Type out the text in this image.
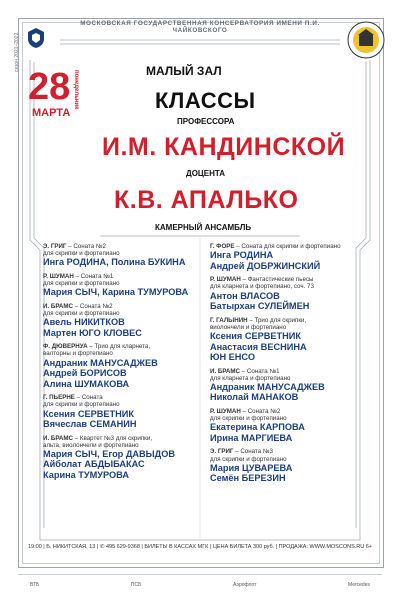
МОСКОВСКАЯ ГОСУДАРСТВЕННАЯ КОНСЕРВАТОРИЯ ИМЕНИ П.И. ЧАЙКОВСКОГО
сезон 2021–2022
28 понедельник
МАРТА
МАЛЫЙ ЗАЛ
КЛАССЫ
ПРОФЕССОРА
И.М. КАНДИНСКОЙ
ДОЦЕНТА
К.В. АПАЛЬКО
КАМЕРНЫЙ АНСАМБЛЬ
Э. ГРИГ – Соната №2
для скрипки и фортепиано
Инга РОДИНА, Полина БУКИНА
Р. ШУМАН – Соната №1
для скрипки и фортепиано
Мария СЫЧ, Карина ТУМУРОВА
И. БРАМС – Соната №2
для скрипки и фортепиано
Авель НИКИТКОВ
Мартен ЮГО КЛОВЕС
Ф. ДЮВЕРНУА – Трио для кларнета,
валторны и фортепиано
Андраник МАНУСАДЖЕВ
Андрей БОРИСОВ
Алина ШУМАКОВА
Г. ПЬЕРНЕ – Соната
для скрипки и фортепиано
Ксения СЕРВЕТНИК
Вячеслав СЕМАНИН
И. БРАМС – Квартет №3 для скрипки,
альта, виолончели и фортепиано
Мария СЫЧ, Егор ДАВЫДОВ
Айболат АБДЫБАКАС
Карина ТУМУРОВА
Г. ФОРЕ – Соната для скрипки и фортепиано
Инга РОДИНА
Андрей ДОБРЖИНСКИЙ
Р. ШУМАН – Фантастические пьесы
для кларнета и фортепиано, соч. 73
Антон ВЛАСОВ
Батырхан СУЛЕЙМЕН
Г. ГАЛЫНИН – Трио для скрипки,
виолончели и фортепиано
Ксения СЕРВЕТНИК
Анастасия ВЕСНИНА
ЮН ЕНСО
И. БРАМС – Соната №1
для кларнета и фортепиано
Андраник МАНУСАДЖЕВ
Николай МАНАКОВ
Р. ШУМАН – Соната №2
для скрипки и фортепиано
Екатерина КАРПОВА
Ирина МАРГИЕВА
Э. ГРИГ – Соната №3
для скрипки и фортепиано
Мария ЦУВАРЕВА
Семён БЕРЕЗИН
19:00 | Б. НИКИТСКАЯ, 13 | ✆ 495 629-9368 | БИЛЕТЫ В КАССАХ МГК | ЦЕНА БИЛЕТА 300 руб. | ПРОДАЖА: WWW.MOSCONS.RU 6+
ВТБ	ПСБ	Аэрофлот	Mercedes
